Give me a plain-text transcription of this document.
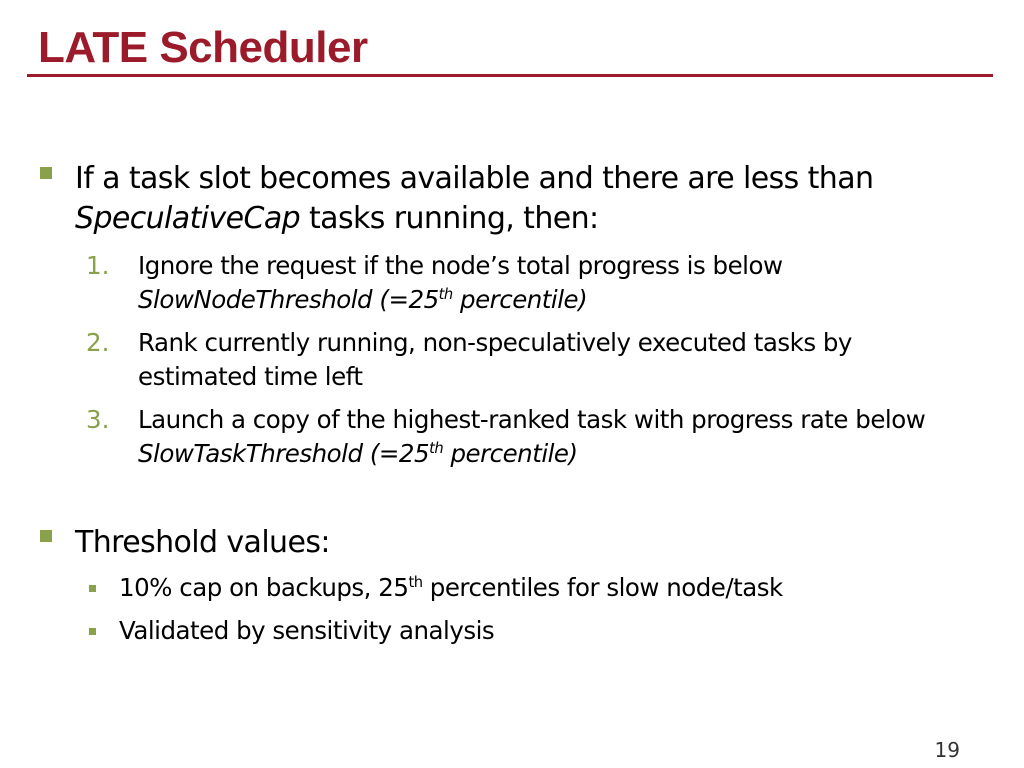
LATE Scheduler
If a task slot becomes available and there are less than
SpeculativeCap tasks running, then:
1. Ignore the request if the node’s total progress is below
SlowNodeThreshold (=25th percentile)
2. Rank currently running, non-speculatively executed tasks by
estimated time left
3. Launch a copy of the highest-ranked task with progress rate below
SlowTaskThreshold (=25th percentile)
Threshold values:
10% cap on backups, 25th percentiles for slow node/task
Validated by sensitivity analysis
19
